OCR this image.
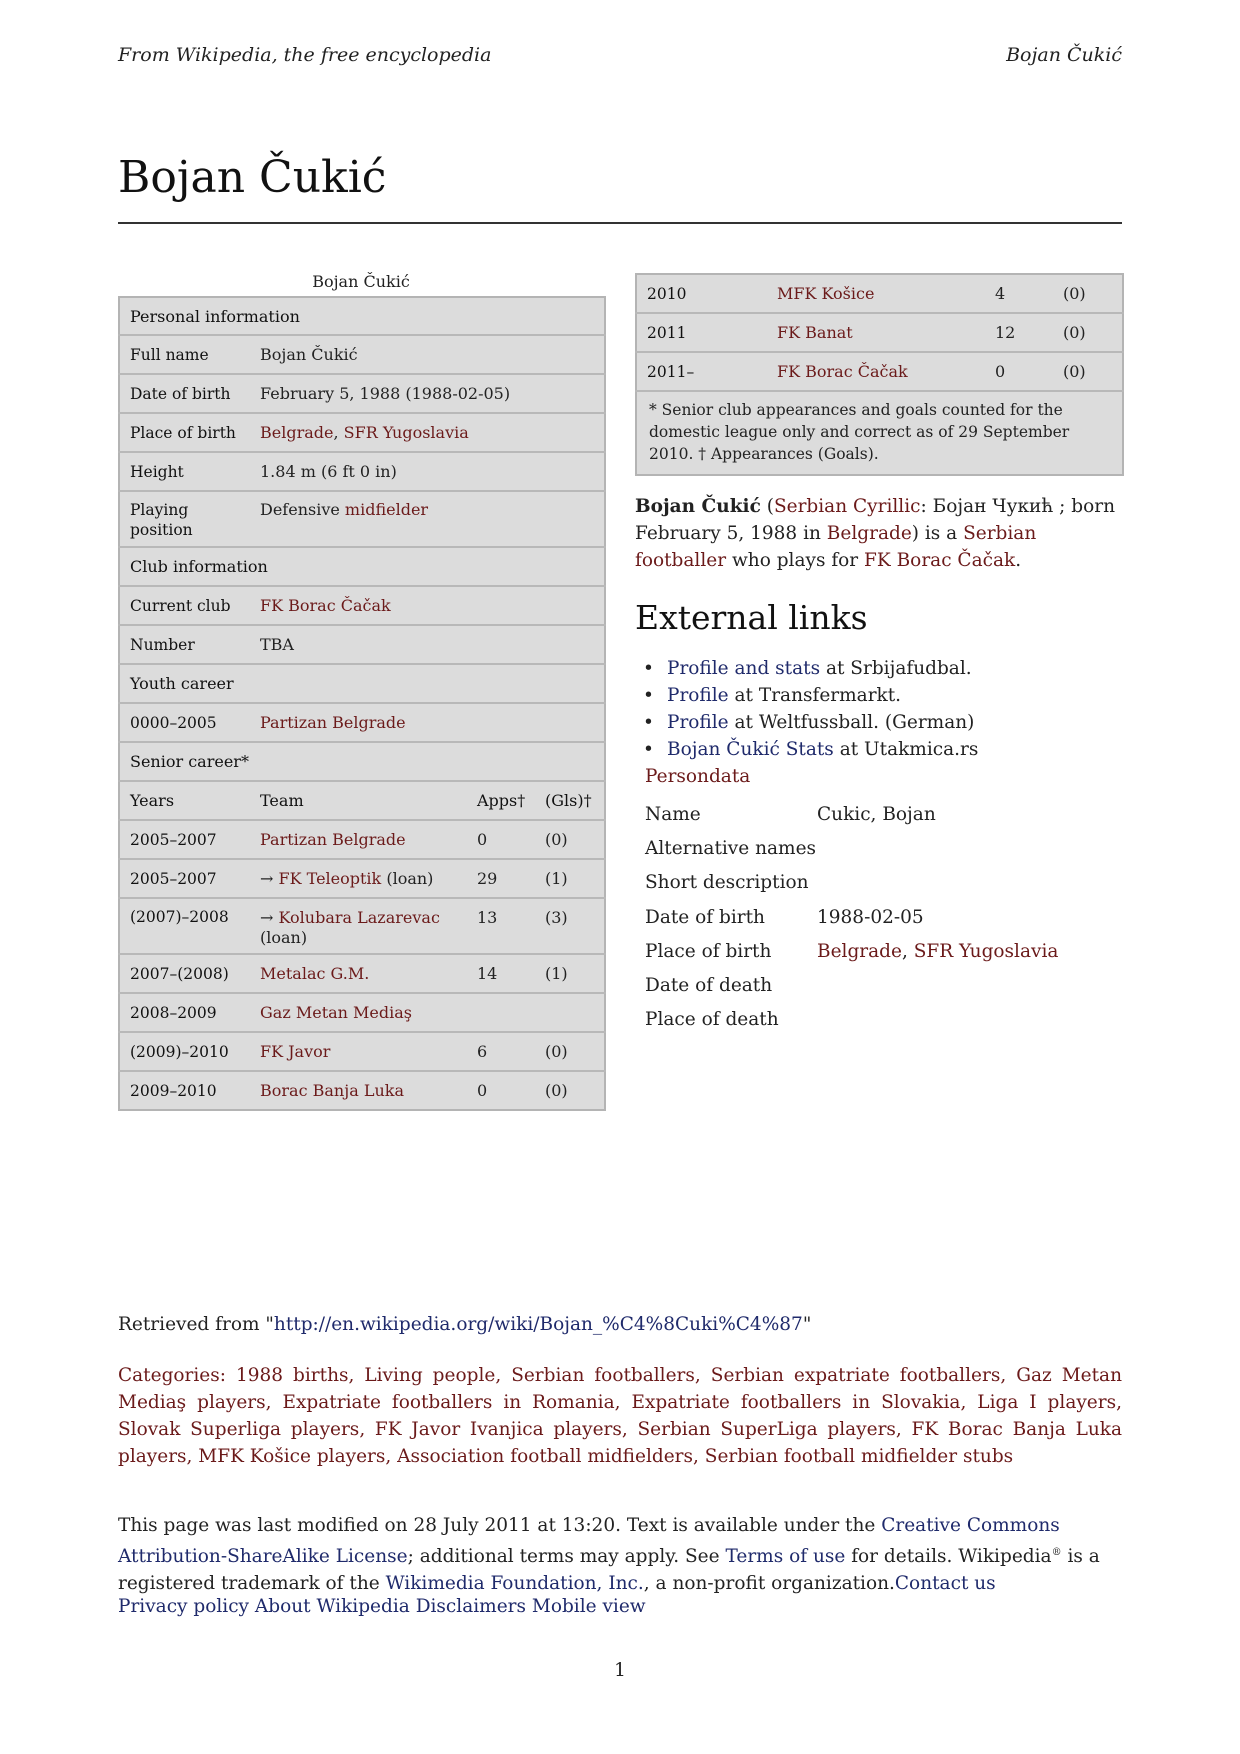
From Wikipedia, the free encyclopedia	Bojan Čukić
Bojan Čukić
Bojan Čukić
Personal information			
Full name	Bojan Čukić		
Date of birth	February 5, 1988 (1988-02-05)		
Place of birth	Belgrade, SFR Yugoslavia		
Height	1.84 m (6 ft 0 in)		
Playing position	Defensive midfielder		
Club information			
Current club	FK Borac Čačak		
Number	TBA		
Youth career			
0000–2005	Partizan Belgrade		
Senior career*			
Years	Team	Apps†	(Gls)†
2005–2007	Partizan Belgrade	0	(0)
2005–2007	→ FK Teleoptik (loan)	29	(1)
(2007)–2008	→ Kolubara Lazarevac (loan)	13	(3)
2007–(2008)	Metalac G.M.	14	(1)
2008–2009	Gaz Metan Mediaş		
(2009)–2010	FK Javor	6	(0)
2009–2010	Borac Banja Luka	0	(0)
2010	MFK Košice	4	(0)
2011	FK Banat	12	(0)
2011–	FK Borac Čačak	0	(0)
* Senior club appearances and goals counted for the domestic league only and correct as of 29 September 2010. † Appearances (Goals).			

Bojan Čukić (Serbian Cyrillic: Бојан Чукић ; born February 5, 1988 in Belgrade) is a Serbian footballer who plays for FK Borac Čačak.

External links
• Profile and stats at Srbijafudbal.
• Profile at Transfermarkt.
• Profile at Weltfussball. (German)
• Bojan Čukić Stats at Utakmica.rs
Persondata
Name	Cukic, Bojan
Alternative names	
Short description	
Date of birth	1988-02-05
Place of birth	Belgrade, SFR Yugoslavia
Date of death	
Place of death	

Retrieved from "http://en.wikipedia.org/wiki/Bojan_%C4%8Cuki%C4%87"

Categories: 1988 births, Living people, Serbian footballers, Serbian expatriate footballers, Gaz Metan Mediaş players, Expatriate footballers in Romania, Expatriate footballers in Slovakia, Liga I players, Slovak Superliga players, FK Javor Ivanjica players, Serbian SuperLiga players, FK Borac Banja Luka players, MFK Košice players, Association football midfielders, Serbian football midfielder stubs

This page was last modified on 28 July 2011 at 13:20. Text is available under the Creative Commons Attribution-ShareAlike License; additional terms may apply. See Terms of use for details. Wikipedia® is a registered trademark of the Wikimedia Foundation, Inc., a non-profit organization.Contact us

Privacy policy About Wikipedia Disclaimers Mobile view

1
